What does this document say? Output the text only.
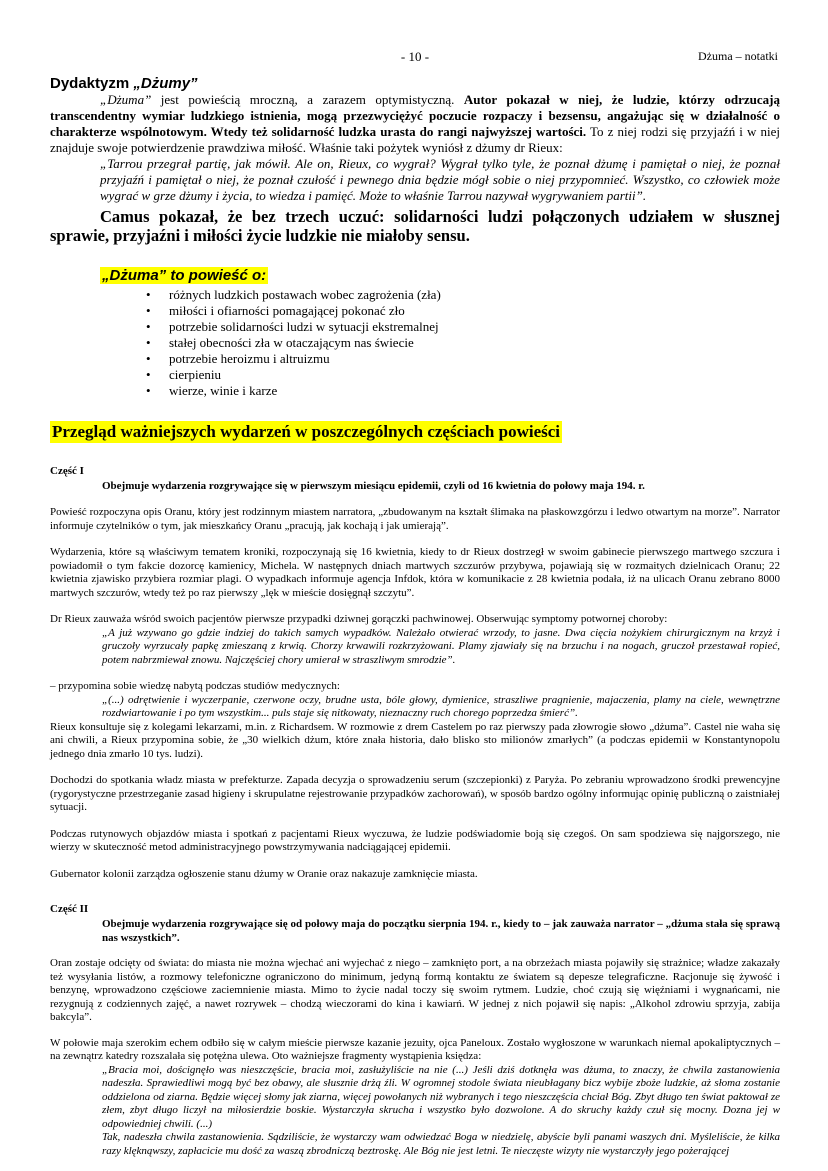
- 10 -	Dżuma – notatki

Dydaktyzm „Dżumy”

„Dżuma” jest powieścią mroczną, a zarazem optymistyczną. Autor pokazał w niej, że ludzie, którzy odrzucają transcendentny wymiar ludzkiego istnienia, mogą przezwyciężyć poczucie rozpaczy i bezsensu, angażując się w działalność o charakterze wspólnotowym. Wtedy też solidarność ludzka urasta do rangi najwyższej wartości. To z niej rodzi się przyjaźń i w niej znajduje swoje potwierdzenie prawdziwa miłość. Właśnie taki pożytek wyniósł z dżumy dr Rieux:

„Tarrou przegrał partię, jak mówił. Ale on, Rieux, co wygrał? Wygrał tylko tyle, że poznał dżumę i pamiętał o niej, że poznał przyjaźń i pamiętał o niej, że poznał czułość i pewnego dnia będzie mógł sobie o niej przypomnieć. Wszystko, co człowiek może wygrać w grze dżumy i życia, to wiedza i pamięć. Może to właśnie Tarrou nazywał wygrywaniem partii”.

Camus pokazał, że bez trzech uczuć: solidarności ludzi połączonych udziałem w słusznej sprawie, przyjaźni i miłości życie ludzkie nie miałoby sensu.

„Dżuma” to powieść o:
• różnych ludzkich postawach wobec zagrożenia (zła)
• miłości i ofiarności pomagającej pokonać zło
• potrzebie solidarności ludzi w sytuacji ekstremalnej
• stałej obecności zła w otaczającym nas świecie
• potrzebie heroizmu i altruizmu
• cierpieniu
• wierze, winie i karze
Przegląd ważniejszych wydarzeń w poszczególnych częściach powieści

Część I

Obejmuje wydarzenia rozgrywające się w pierwszym miesiącu epidemii, czyli od 16 kwietnia do połowy maja 194. r.

Powieść rozpoczyna opis Oranu, który jest rodzinnym miastem narratora, „zbudowanym na kształt ślimaka na płaskowzgórzu i ledwo otwartym na morze”. Narrator informuje czytelników o tym, jak mieszkańcy Oranu „pracują, jak kochają i jak umierają”.

Wydarzenia, które są właściwym tematem kroniki, rozpoczynają się 16 kwietnia, kiedy to dr Rieux dostrzegł w swoim gabinecie pierwszego martwego szczura i powiadomił o tym fakcie dozorcę kamienicy, Michela. W następnych dniach martwych szczurów przybywa, pojawiają się w rozmaitych dzielnicach Oranu; 22 kwietnia zjawisko przybiera rozmiar plagi. O wypadkach informuje agencja Infdok, która w komunikacie z 28 kwietnia podała, iż na ulicach Oranu zebrano 8000 martwych szczurów, wtedy też po raz pierwszy „lęk w mieście dosięgnął szczytu”.

Dr Rieux zauważa wśród swoich pacjentów pierwsze przypadki dziwnej gorączki pachwinowej. Obserwując symptomy potwornej choroby:

„A już wzywano go gdzie indziej do takich samych wypadków. Należało otwierać wrzody, to jasne. Dwa cięcia nożykiem chirurgicznym na krzyż i gruczoły wyrzucały papkę zmieszaną z krwią. Chorzy krwawili rozkrzyżowani. Plamy zjawiały się na brzuchu i na nogach, gruczoł przestawał ropieć, potem nabrzmiewał znowu. Najczęściej chory umierał w straszliwym smrodzie”.

– przypomina sobie wiedzę nabytą podczas studiów medycznych:

„(...) odrętwienie i wyczerpanie, czerwone oczy, brudne usta, bóle głowy, dymienice, straszliwe pragnienie, majaczenia, plamy na ciele, wewnętrzne rozdwiartowanie i po tym wszystkim... puls staje się nitkowaty, nieznaczny ruch chorego poprzedza śmierć”.

Rieux konsultuje się z kolegami lekarzami, m.in. z Richardsem. W rozmowie z drem Castelem po raz pierwszy pada złowrogie słowo „dżuma”. Castel nie waha się ani chwili, a Rieux przypomina sobie, że „30 wielkich dżum, które znała historia, dało blisko sto milionów zmarłych” (a podczas epidemii w Konstantynopolu jednego dnia zmarło 10 tys. ludzi).

Dochodzi do spotkania władz miasta w prefekturze. Zapada decyzja o sprowadzeniu serum (szczepionki) z Paryża. Po zebraniu wprowadzono środki prewencyjne (rygorystyczne przestrzeganie zasad higieny i skrupulatne rejestrowanie przypadków zachorowań), w sposób bardzo ogólny informując opinię publiczną o zaistniałej sytuacji.

Podczas rutynowych objazdów miasta i spotkań z pacjentami Rieux wyczuwa, że ludzie podświadomie boją się czegoś. On sam spodziewa się najgorszego, nie wierzy w skuteczność metod administracyjnego powstrzymywania nadciągającej epidemii.

Gubernator kolonii zarządza ogłoszenie stanu dżumy w Oranie oraz nakazuje zamknięcie miasta.

Część II

Obejmuje wydarzenia rozgrywające się od połowy maja do początku sierpnia 194. r., kiedy to – jak zauważa narrator – „dżuma stała się sprawą nas wszystkich”.

Oran zostaje odcięty od świata: do miasta nie można wjechać ani wyjechać z niego – zamknięto port, a na obrzeżach miasta pojawiły się strażnice; władze zakazały też wysyłania listów, a rozmowy telefoniczne ograniczono do minimum, jedyną formą kontaktu ze światem są depesze telegraficzne. Racjonuje się żywość i benzynę, wprowadzono częściowe zaciemnienie miasta. Mimo to życie nadal toczy się swoim rytmem. Ludzie, choć czują się więźniami i wygnańcami, nie rezygnują z codziennych zajęć, a nawet rozrywek – chodzą wieczorami do kina i kawiarń. W jednej z nich pojawił się napis: „Alkohol zdrowiu sprzyja, zabija bakcyla”.

W połowie maja szerokim echem odbiło się w całym mieście pierwsze kazanie jezuity, ojca Paneloux. Zostało wygłoszone w warunkach niemal apokaliptycznych – na zewnątrz katedry rozszalała się potężna ulewa. Oto ważniejsze fragmenty wystąpienia księdza:

„Bracia moi, doścignęło was nieszczęście, bracia moi, zasłużyliście na nie (...) Jeśli dziś dotknęła was dżuma, to znaczy, że chwila zastanowienia nadeszła. Sprawiedliwi mogą być bez obawy, ale słusznie drżą źli. W ogromnej stodole świata nieubłagany bicz wybije zboże ludzkie, aż słoma zostanie oddzielona od ziarna. Będzie więcej słomy jak ziarna, więcej powołanych niż wybranych i tego nieszczęścia chciał Bóg. Zbyt długo ten świat paktował ze złem, zbyt długo liczył na miłosierdzie boskie. Wystarczyła skrucha i wszystko było dozwolone. A do skruchy każdy czuł się mocny. Dozna jej w odpowiedniej chwili. (...)

Tak, nadeszła chwila zastanowienia. Sądziliście, że wystarczy wam odwiedzać Boga w niedzielę, abyście byli panami waszych dni. Myśleliście, że kilka razy klęknąwszy, zapłacicie mu dość za waszą zbrodniczą beztroskę. Ale Bóg nie jest letni. Te nieczęste wizyty nie wystarczyły jego pożerającej
